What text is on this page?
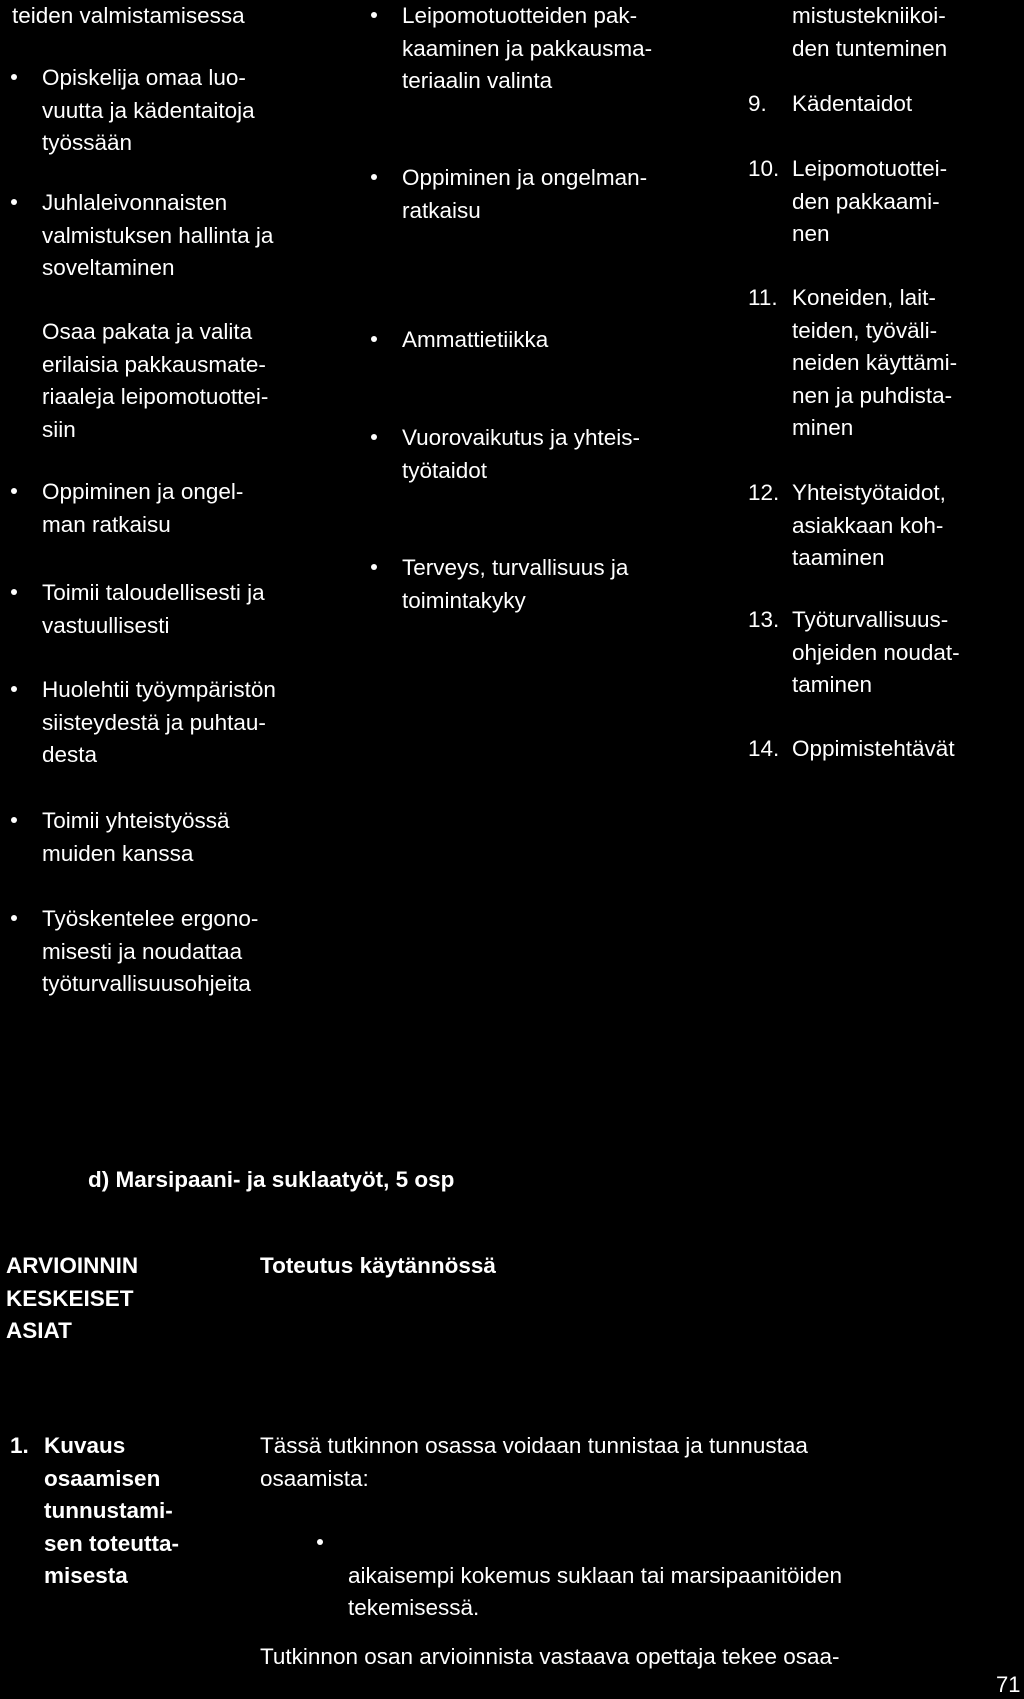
teiden valmistamisessa	mistustekniikoi-
den tunteminen
Opiskelija omaa luo-
vuutta ja kädentaitoja
työssään
Juhlaleivonnaisten
valmistuksen hallinta ja
soveltaminen
Osaa pakata ja valita
erilaisia pakkausmate-
riaaleja leipomotuottei-
siin
Oppiminen ja ongel-
man ratkaisu
Toimii taloudellisesti ja
vastuullisesti
Huolehtii työympäristön
siisteydestä ja puhtau-
desta
Toimii yhteistyössä
muiden kanssa
Työskentelee ergono-
misesti ja noudattaa
työturvallisuusohjeita
Leipomotuotteiden pak-
kaaminen ja pakkausma-
teriaalin valinta
Oppiminen ja ongelman-
ratkaisu
Ammattietiikka
Vuorovaikutus ja yhteis-
työtaidot
Terveys, turvallisuus ja
toimintakyky
9.	Kädentaidot
10. Leipomotuottei-
den pakkaami-
nen
11. Koneiden, lait-
teiden, työväli-
neiden käyttämi-
nen ja puhdista-
minen
12. Yhteistyötaidot,
asiakkaan koh-
taaminen
13. Työturvallisuus-
ohjeiden noudat-
taminen
14. Oppimistehtävät
d) Marsipaani- ja suklaatyöt, 5 osp
ARVIOINNIN
KESKEISET
ASIAT
Toteutus käytännössä
1. Kuvaus
osaamisen
tunnustami-
sen toteutta-
misesta
Tässä tutkinnon osassa voidaan tunnistaa ja tunnustaa
osaamista:

aikaisempi kokemus suklaan tai marsipaanitöiden
tekemisessä.

Tutkinnon osan arvioinnista vastaava opettaja tekee osaa-
71
